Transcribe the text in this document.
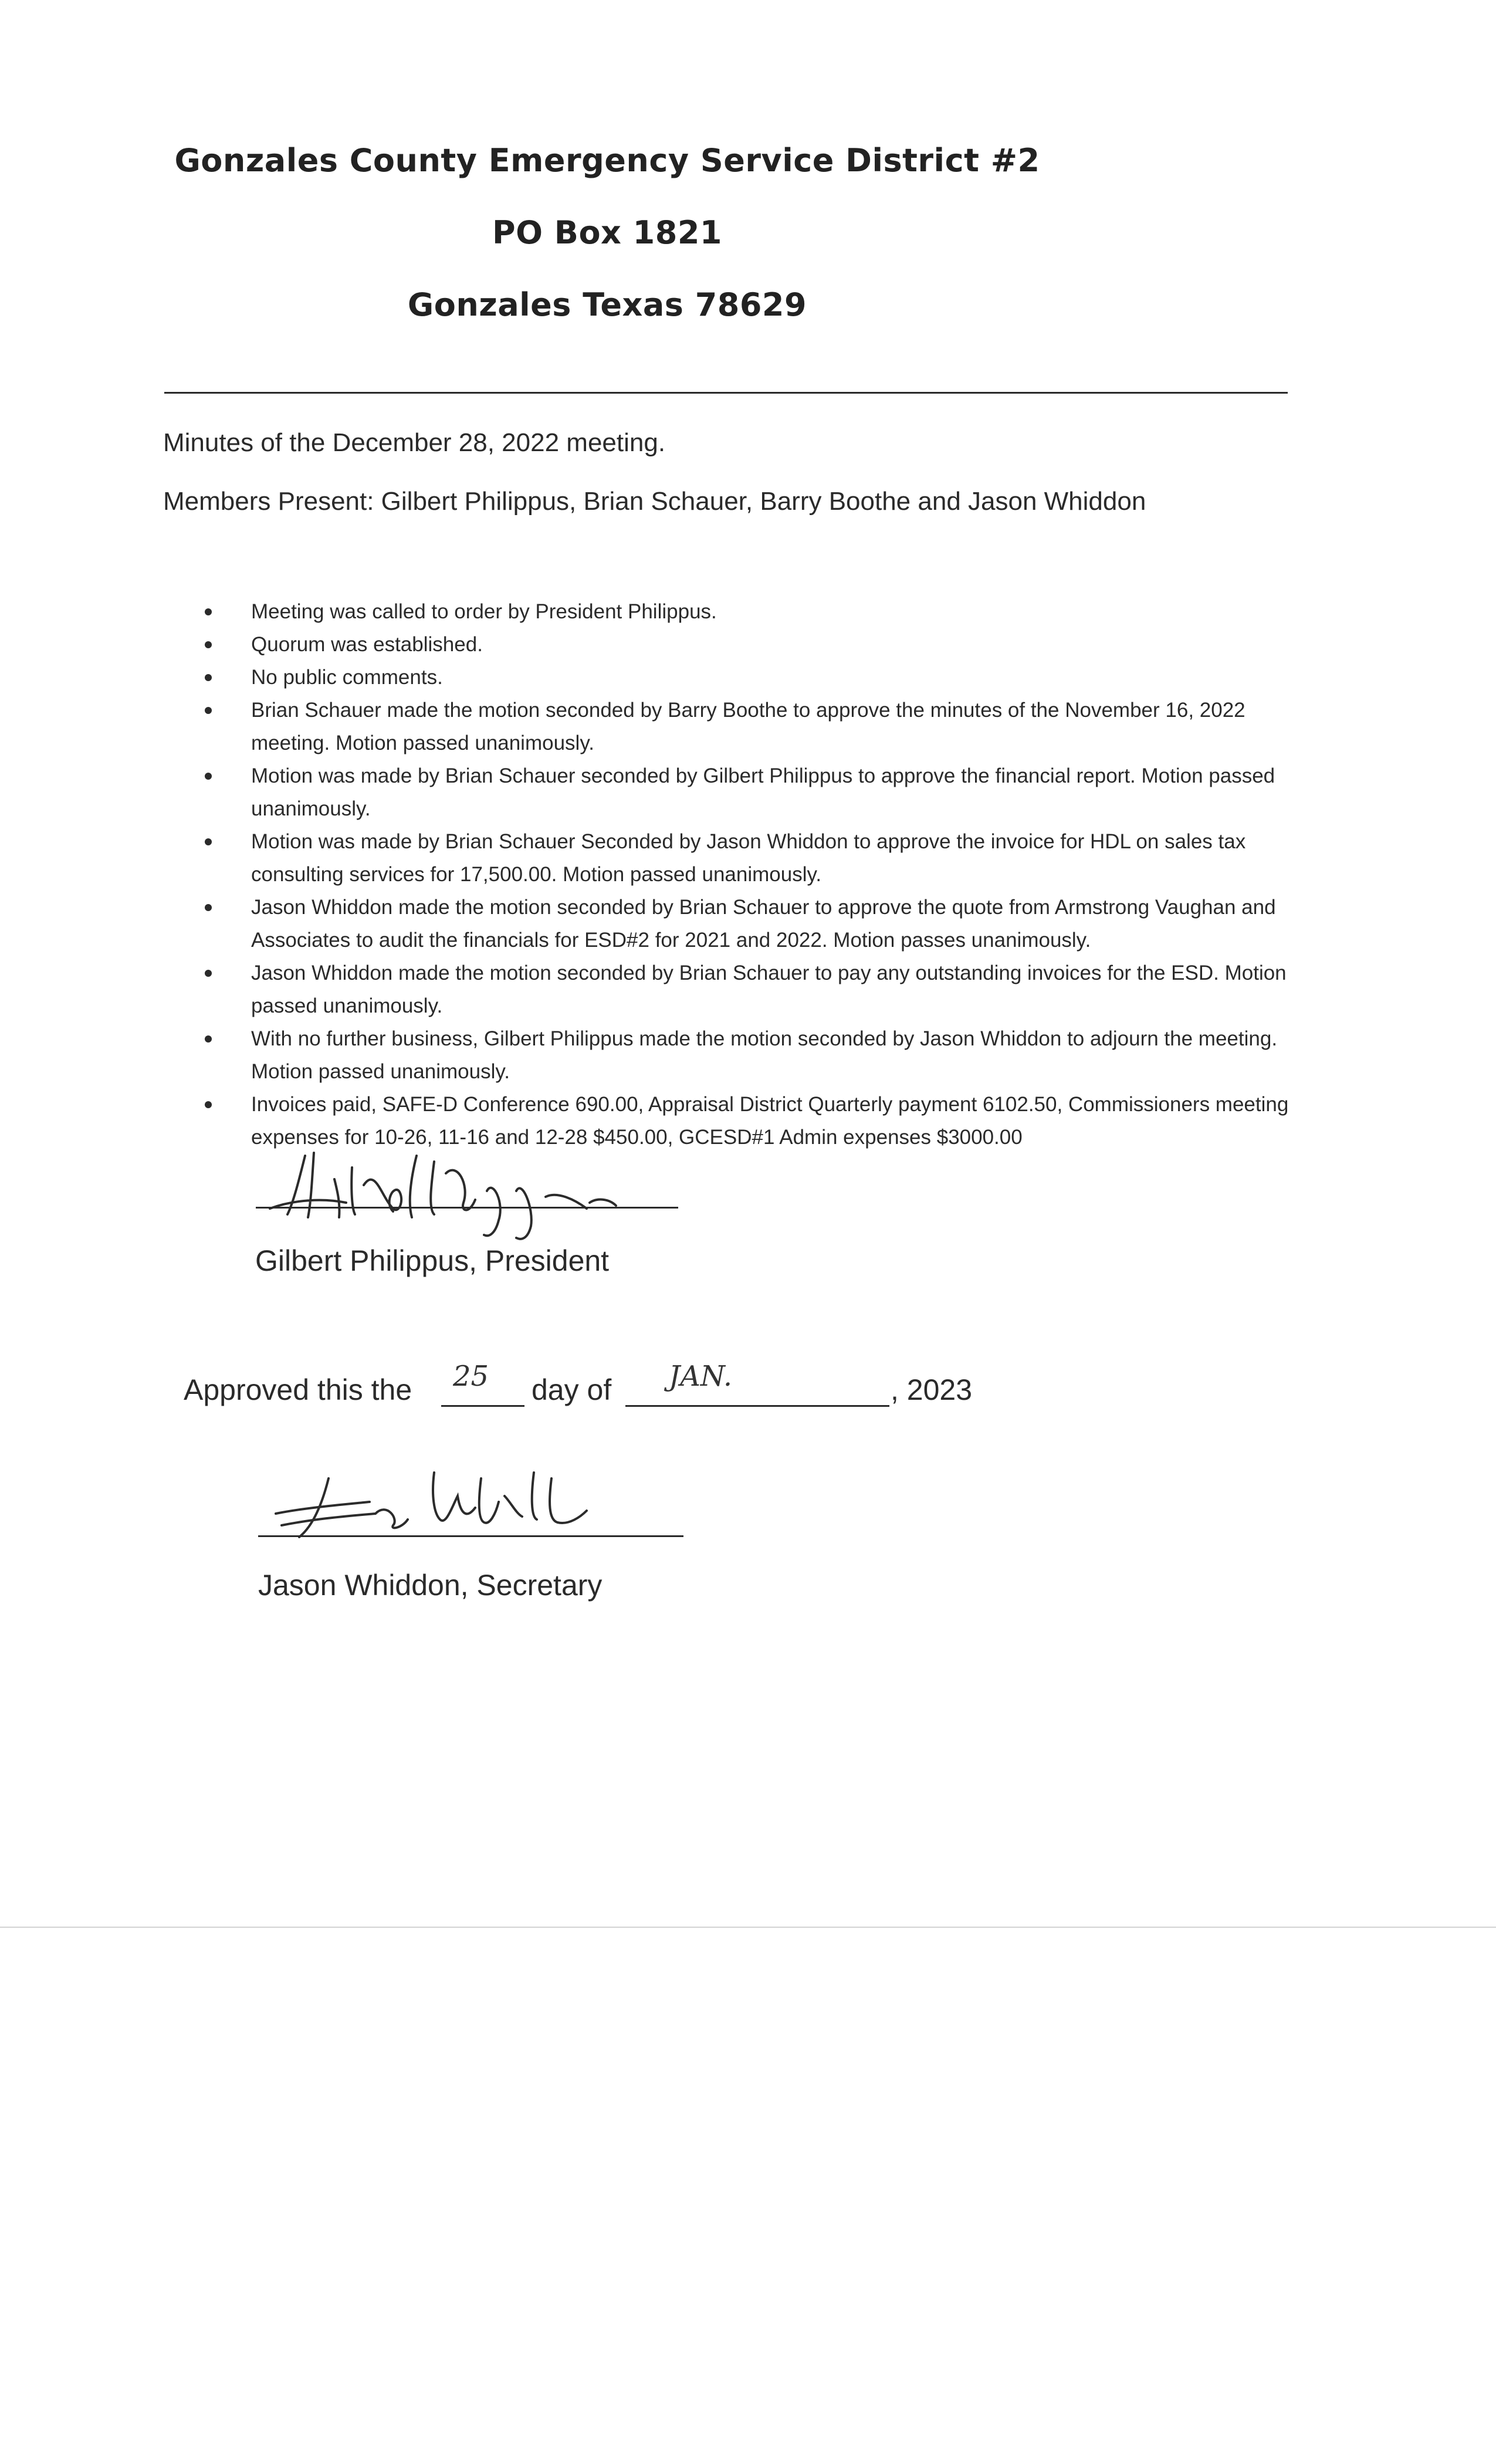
Gonzales County Emergency Service District #2
PO Box 1821
Gonzales Texas 78629
Minutes of the December 28, 2022 meeting.
Members Present: Gilbert Philippus, Brian Schauer, Barry Boothe and Jason Whiddon
Meeting was called to order by President Philippus.
Quorum was established.
No public comments.
Brian Schauer made the motion seconded by Barry Boothe to approve the minutes of the November 16, 2022 meeting. Motion passed unanimously.
Motion was made by Brian Schauer seconded by Gilbert Philippus to approve the financial report. Motion passed unanimously.
Motion was made by Brian Schauer Seconded by Jason Whiddon to approve the invoice for HDL on sales tax consulting services for 17,500.00. Motion passed unanimously.
Jason Whiddon made the motion seconded by Brian Schauer to approve the quote from Armstrong Vaughan and Associates to audit the financials for ESD#2 for 2021 and 2022. Motion passes unanimously.
Jason Whiddon made the motion seconded by Brian Schauer to pay any outstanding invoices for the ESD. Motion passed unanimously.
With no further business, Gilbert Philippus made the motion seconded by Jason Whiddon to adjourn the meeting. Motion passed unanimously.
Invoices paid, SAFE-D Conference 690.00, Appraisal District Quarterly payment 6102.50, Commissioners meeting expenses for 10-26, 11-16 and 12-28 $450.00, GCESD#1 Admin expenses $3000.00
Gilbert Philippus, President
Approved this the 25 day of JAN.	, 2023
Jason Whiddon, Secretary
